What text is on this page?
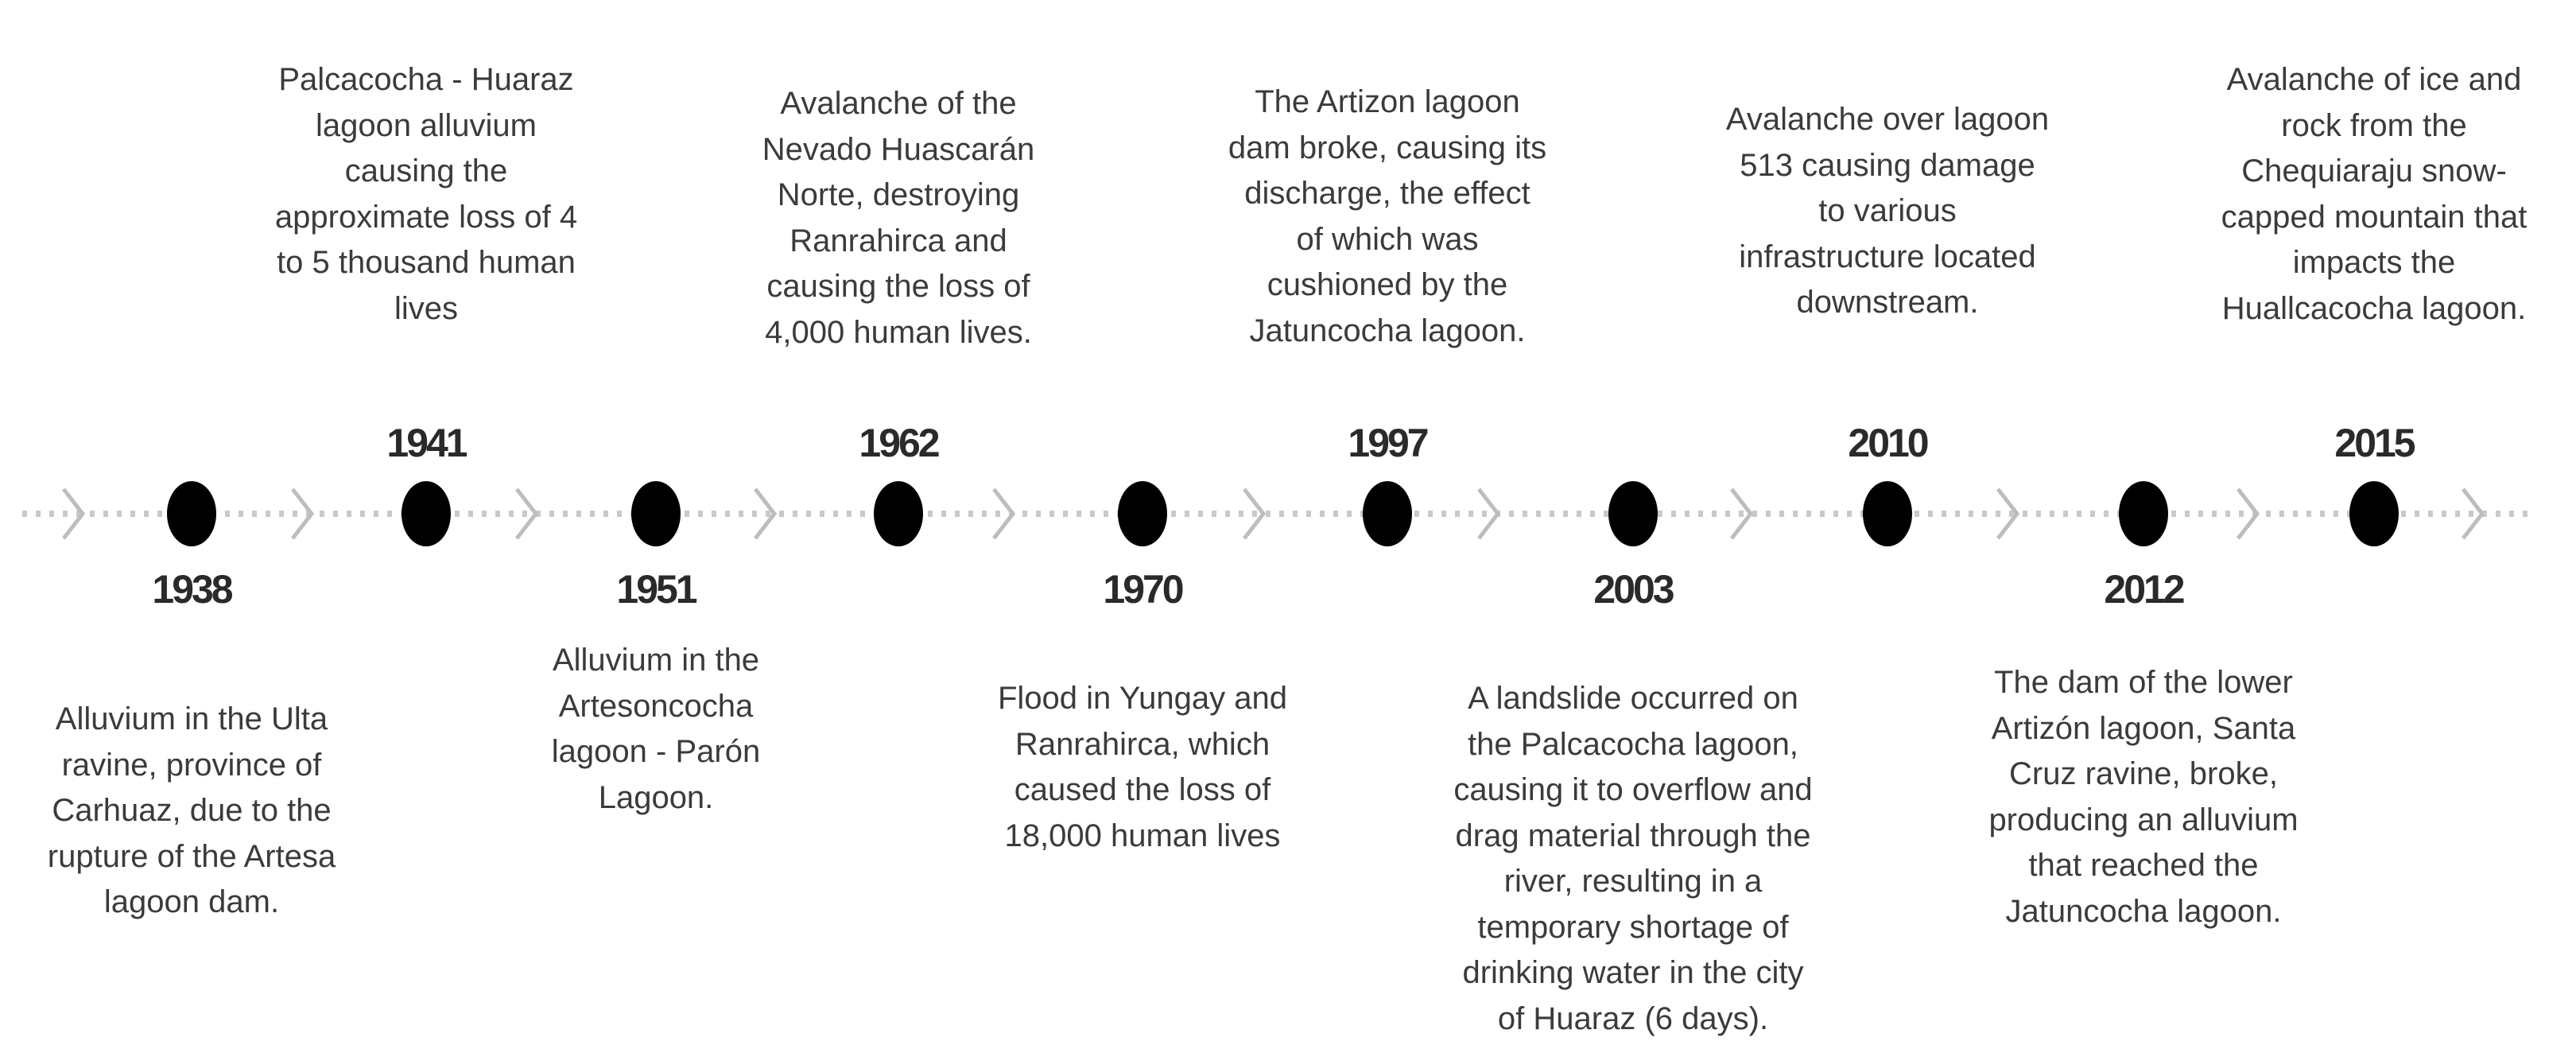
1938
Alluvium in the Ulta
ravine, province of
Carhuaz, due to the
rupture of the Artesa
lagoon dam.
1941
Palcacocha - Huaraz
lagoon alluvium
causing the
approximate loss of 4
to 5 thousand human
lives
1951
Alluvium in the
Artesoncocha
lagoon - Parón
Lagoon.
1962
Avalanche of the
Nevado Huascarán
Norte, destroying
Ranrahirca and
causing the loss of
4,000 human lives.
1970
Flood in Yungay and
Ranrahirca, which
caused the loss of
18,000 human lives
1997
The Artizon lagoon
dam broke, causing its
discharge, the effect
of which was
cushioned by the
Jatuncocha lagoon.
2003
A landslide occurred on
the Palcacocha lagoon,
causing it to overflow and
drag material through the
river, resulting in a
temporary shortage of
drinking water in the city
of Huaraz (6 days).
2010
Avalanche over lagoon
513 causing damage
to various
infrastructure located
downstream.
2012
The dam of the lower
Artizón lagoon, Santa
Cruz ravine, broke,
producing an alluvium
that reached the
Jatuncocha lagoon.
2015
Avalanche of ice and
rock from the
Chequiaraju snow-
capped mountain that
impacts the
Huallcacocha lagoon.
